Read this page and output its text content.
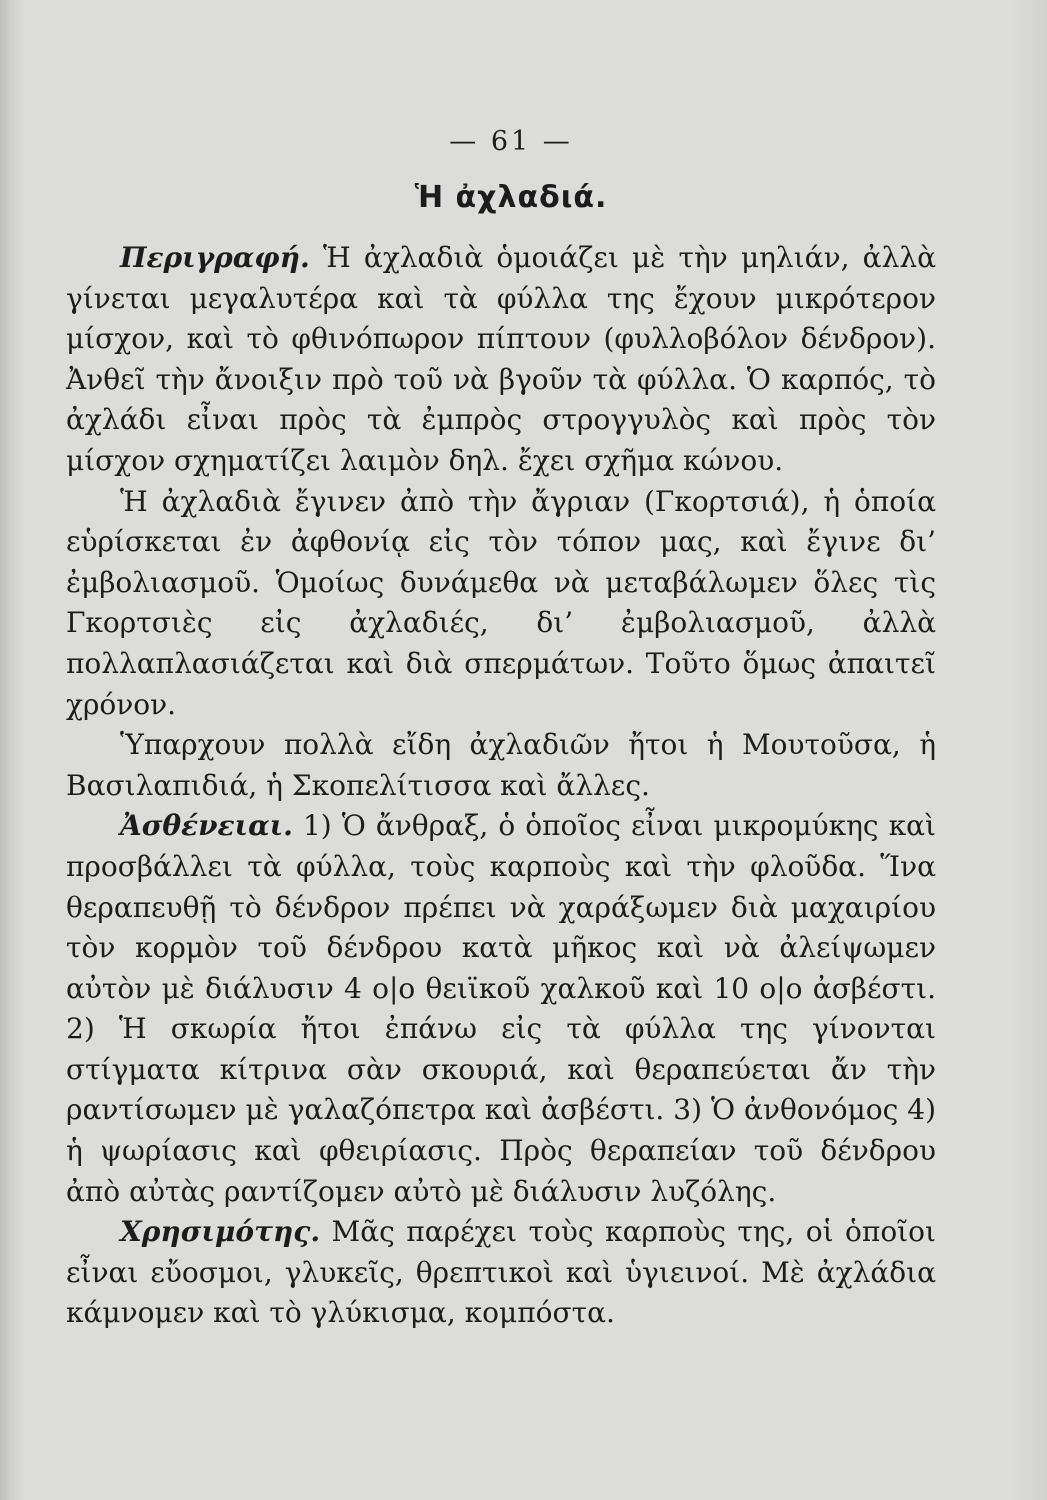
— 61 —
Ἡ ἀχλαδιά.

Περιγραφή. Ἡ ἀχλαδιὰ ὁμοιάζει μὲ τὴν μηλιάν, ἀλλὰ γίνεται μεγαλυτέρα καὶ τὰ φύλλα της ἔχουν μικρότερον μίσχον, καὶ τὸ φθινόπωρον πίπτουν (φυλλοβόλον δένδρον). Ἀνθεῖ τὴν ἄνοιξιν πρὸ τοῦ νὰ βγοῦν τὰ φύλλα. Ὁ καρπός, τὸ ἀχλάδι εἶναι πρὸς τὰ ἐμπρὸς στρογγυλὸς καὶ πρὸς τὸν μίσχον σχηματίζει λαιμὸν δηλ. ἔχει σχῆμα κώνου.

Ἡ ἀχλαδιὰ ἔγινεν ἀπὸ τὴν ἄγριαν (Γκορτσιά), ἡ ὁποία εὑρίσκεται ἐν ἀφθονίᾳ εἰς τὸν τόπον μας, καὶ ἔγινε δι’ ἐμβολιασμοῦ. Ὁμοίως δυνάμεθα νὰ μεταβάλωμεν ὅλες τὶς Γκορτσιὲς εἰς ἀχλαδιές, δι’ ἐμβολιασμοῦ, ἀλλὰ πολλαπλασιάζεται καὶ διὰ σπερμάτων. Τοῦτο ὅμως ἀπαιτεῖ χρόνον.

Ὑπαρχουν πολλὰ εἴδη ἀχλαδιῶν ἤτοι ἡ Μουτοῦσα, ἡ Βασιλαπιδιά, ἡ Σκοπελίτισσα καὶ ἄλλες.

Ἀσθένειαι. 1) Ὁ ἄνθραξ, ὁ ὁποῖος εἶναι μικρομύκης καὶ προσβάλλει τὰ φύλλα, τοὺς καρποὺς καὶ τὴν φλοῦδα. Ἵνα θεραπευθῇ τὸ δένδρον πρέπει νὰ χαράξωμεν διὰ μαχαιρίου τὸν κορμὸν τοῦ δένδρου κατὰ μῆκος καὶ νὰ ἀλείψωμεν αὐτὸν μὲ διάλυσιν 4 ο|ο θειϊκοῦ χαλκοῦ καὶ 10 ο|ο ἀσβέστι. 2) Ἡ σκωρία ἤτοι ἐπάνω εἰς τὰ φύλλα της γίνονται στίγματα κίτρινα σὰν σκουριά, καὶ θεραπεύεται ἄν τὴν ραντίσωμεν μὲ γαλαζόπετρα καὶ ἀσβέστι. 3) Ὁ ἀνθονόμος 4) ἡ ψωρίασις καὶ φθειρίασις. Πρὸς θεραπείαν τοῦ δένδρου ἀπὸ αὐτὰς ραντίζομεν αὐτὸ μὲ διάλυσιν λυζόλης.

Χρησιμότης. Μᾶς παρέχει τοὺς καρποὺς της, οἱ ὁποῖοι εἶναι εὔοσμοι, γλυκεῖς, θρεπτικοὶ καὶ ὑγιεινοί. Μὲ ἀχλάδια κάμνομεν καὶ τὸ γλύκισμα, κομπόστα.
